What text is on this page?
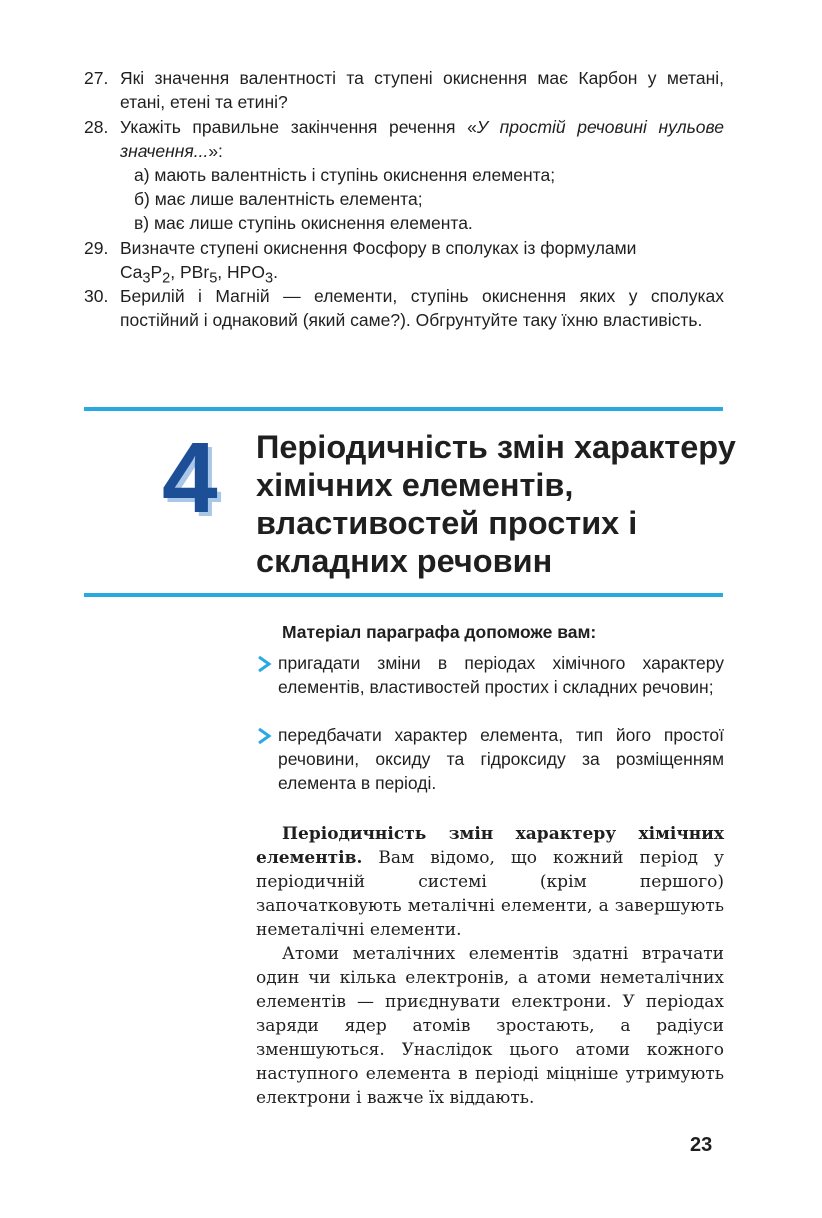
27. Які значення валентності та ступені окиснення має Карбон у метані, етані, етені та етині?
28. Укажіть правильне закінчення речення «У простій речовині нульове значення...»:
а) мають валентність і ступінь окиснення елемента;
б) має лише валентність елемента;
в) має лише ступінь окиснення елемента.
29. Визначте ступені окиснення Фосфору в сполуках із формулами
$Ca_3P_2$, PBr$_5$, $HPO_3$.
30. Берилій і Магній — елементи, ступінь окиснення яких у сполуках постійний і однаковий (який саме?). Обгрунтуйте таку їхню властивість.
4 Періодичність змін характеру хімічних елементів, властивостей простих і складних речовин
Матеріал параграфа допоможе вам:
пригадати зміни в періодах хімічного характеру елементів, властивостей простих і складних речовин;
передбачати характер елемента, тип його простої речовини, оксиду та гідроксиду за розміщенням елемента в періоді.

Періодичність змін характеру хімічних елементів. Вам відомо, що кожний період у періодичній системі (крім першого) започатковують металічні елементи, а завершують неметалічні елементи.

Атоми металічних елементів здатні втрачати один чи кілька електронів, а атоми неметалічних елементів — приєднувати електрони. У періодах заряди ядер атомів зростають, а радіуси зменшуються. Унаслідок цього атоми кожного наступного елемента в періоді міцніше утримують електрони і важче їх віддають.

23
